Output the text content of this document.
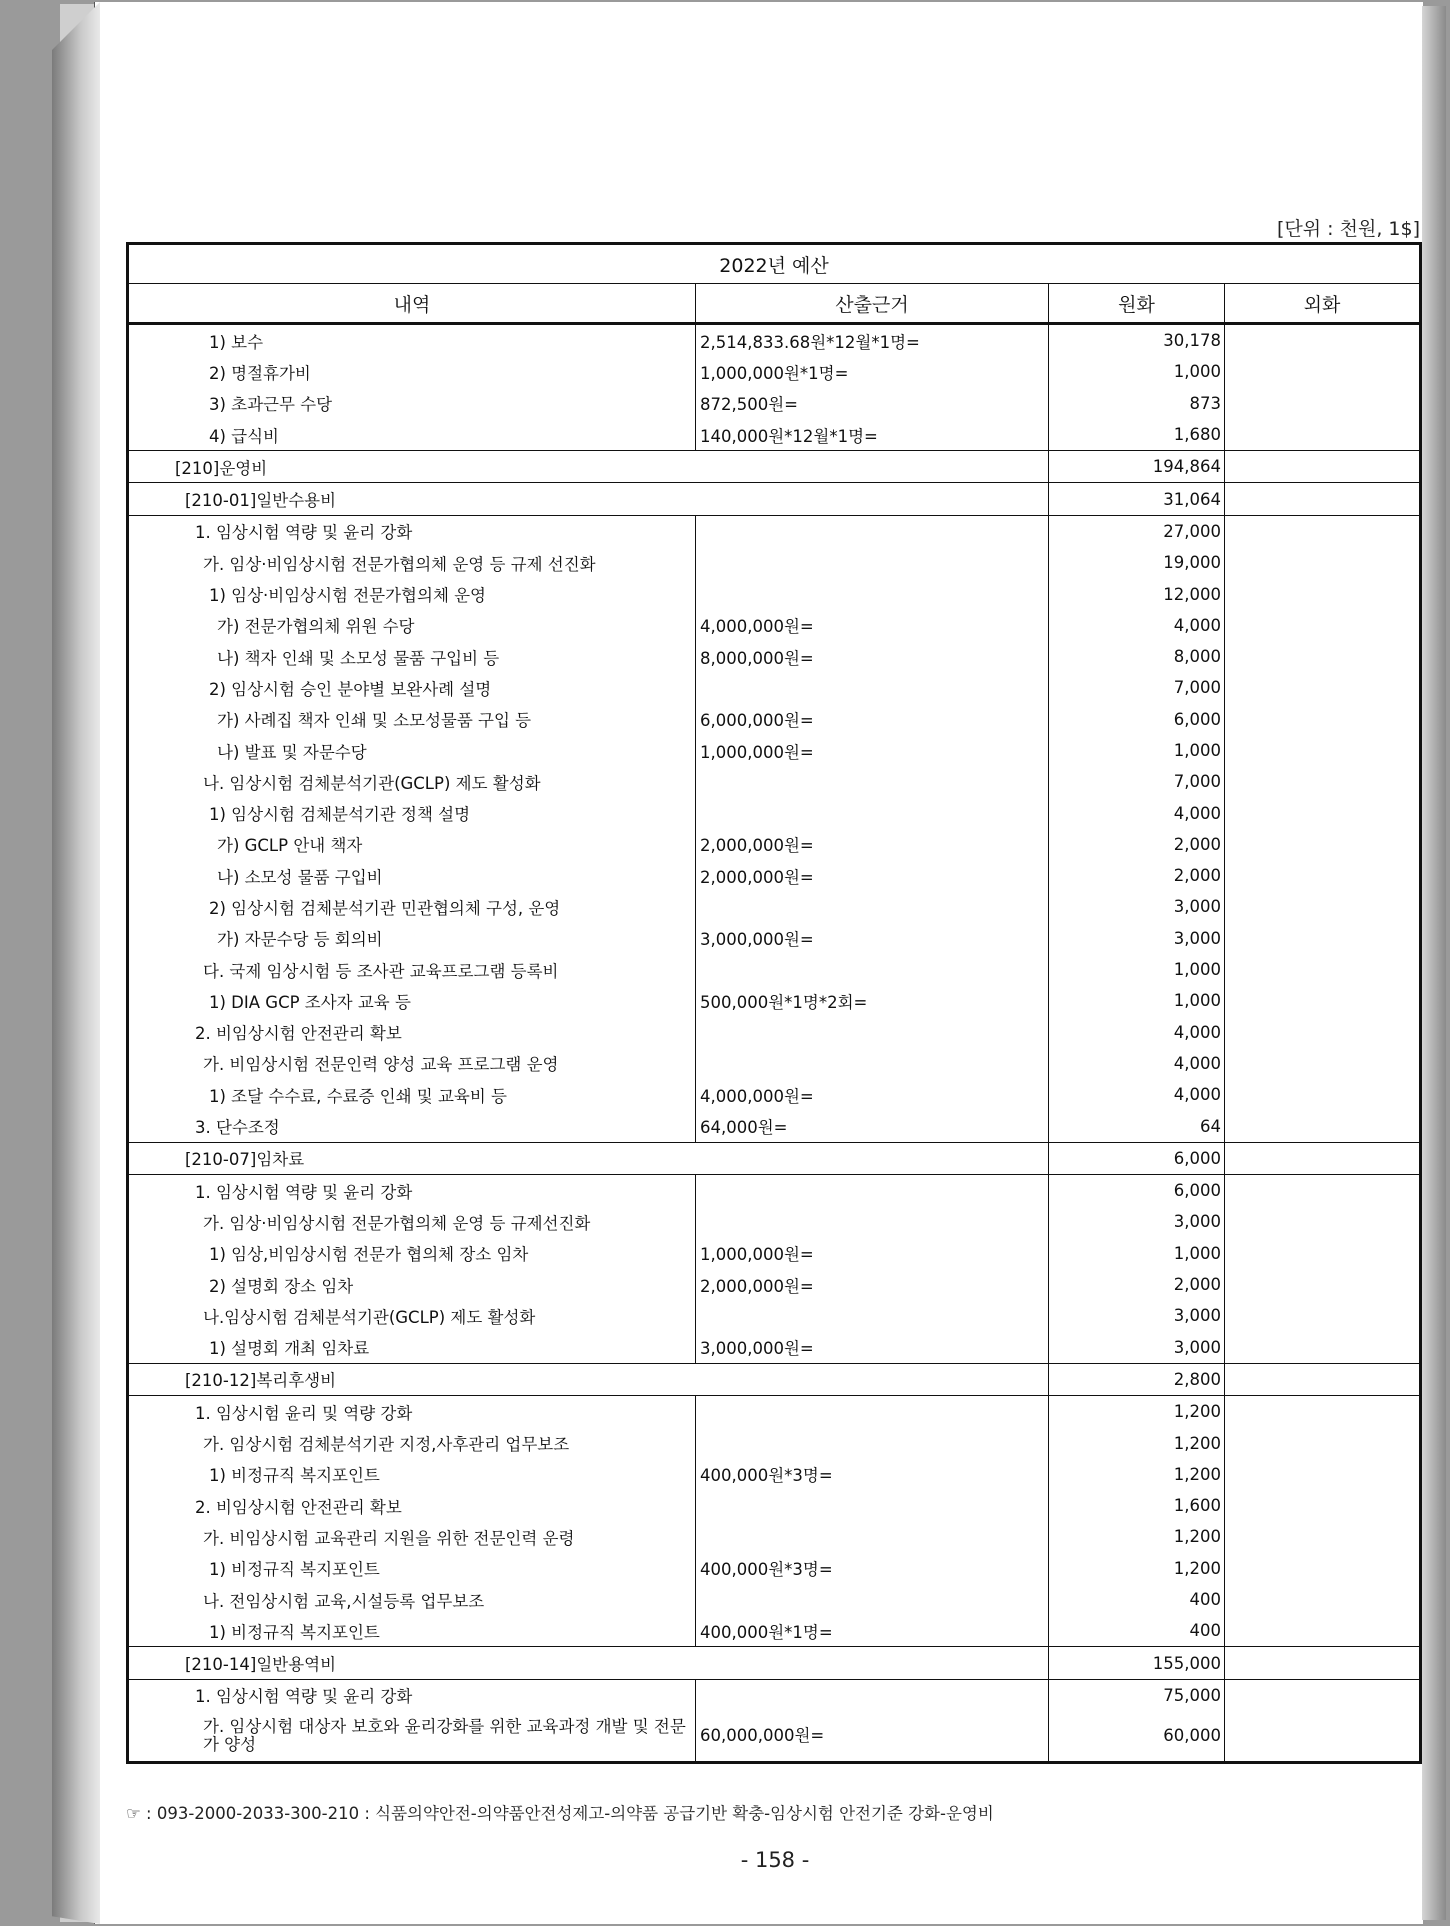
[단위 : 천원, 1$]
2022년 예산			
내역	산출근거	원화	외화
1) 보수	2,514,833.68원*12월*1명=	30,178	
2) 명절휴가비	1,000,000원*1명=	1,000	
3) 초과근무 수당	872,500원=	873	
4) 급식비	140,000원*12월*1명=	1,680	
[210]운영비		194,864	
[210-01]일반수용비		31,064	
1. 임상시험 역량 및 윤리 강화		27,000	
가. 임상·비임상시험 전문가협의체 운영 등 규제 선진화		19,000	
1) 임상·비임상시험 전문가협의체 운영		12,000	
가) 전문가협의체 위원 수당	4,000,000원=	4,000	
나) 책자 인쇄 및 소모성 물품 구입비 등	8,000,000원=	8,000	
2) 임상시험 승인 분야별 보완사례 설명		7,000	
가) 사례집 책자 인쇄 및 소모성물품 구입 등	6,000,000원=	6,000	
나) 발표 및 자문수당	1,000,000원=	1,000	
나. 임상시험 검체분석기관(GCLP) 제도 활성화		7,000	
1) 임상시험 검체분석기관 정책 설명		4,000	
가) GCLP 안내 책자	2,000,000원=	2,000	
나) 소모성 물품 구입비	2,000,000원=	2,000	
2) 임상시험 검체분석기관 민관협의체 구성, 운영		3,000	
가) 자문수당 등 회의비	3,000,000원=	3,000	
다. 국제 임상시험 등 조사관 교육프로그램 등록비		1,000	
1) DIA GCP 조사자 교육 등	500,000원*1명*2회=	1,000	
2. 비임상시험 안전관리 확보		4,000	
가. 비임상시험 전문인력 양성 교육 프로그램 운영		4,000	
1) 조달 수수료, 수료증 인쇄 및 교육비 등	4,000,000원=	4,000	
3. 단수조정	64,000원=	64	
[210-07]임차료		6,000	
1. 임상시험 역량 및 윤리 강화		6,000	
가. 임상·비임상시험 전문가협의체 운영 등 규제선진화		3,000	
1) 임상,비임상시험 전문가 협의체 장소 임차	1,000,000원=	1,000	
2) 설명회 장소 임차	2,000,000원=	2,000	
나.임상시험 검체분석기관(GCLP) 제도 활성화		3,000	
1) 설명회 개최 임차료	3,000,000원=	3,000	
[210-12]복리후생비		2,800	
1. 임상시험 윤리 및 역량 강화		1,200	
가. 임상시험 검체분석기관 지정,사후관리 업무보조		1,200	
1) 비정규직 복지포인트	400,000원*3명=	1,200	
2. 비임상시험 안전관리 확보		1,600	
가. 비임상시험 교육관리 지원을 위한 전문인력 운령		1,200	
1) 비정규직 복지포인트	400,000원*3명=	1,200	
나. 전임상시험 교육,시설등록 업무보조		400	
1) 비정규직 복지포인트	400,000원*1명=	400	
[210-14]일반용역비		155,000	
1. 임상시험 역량 및 윤리 강화		75,000	
가. 임상시험 대상자 보호와 윤리강화를 위한 교육과정 개발 및 전문가 양성	60,000,000원=	60,000	
☞ : 093-2000-2033-300-210 : 식품의약안전-의약품안전성제고-의약품 공급기반 확충-임상시험 안전기준 강화-운영비
- 158 -
